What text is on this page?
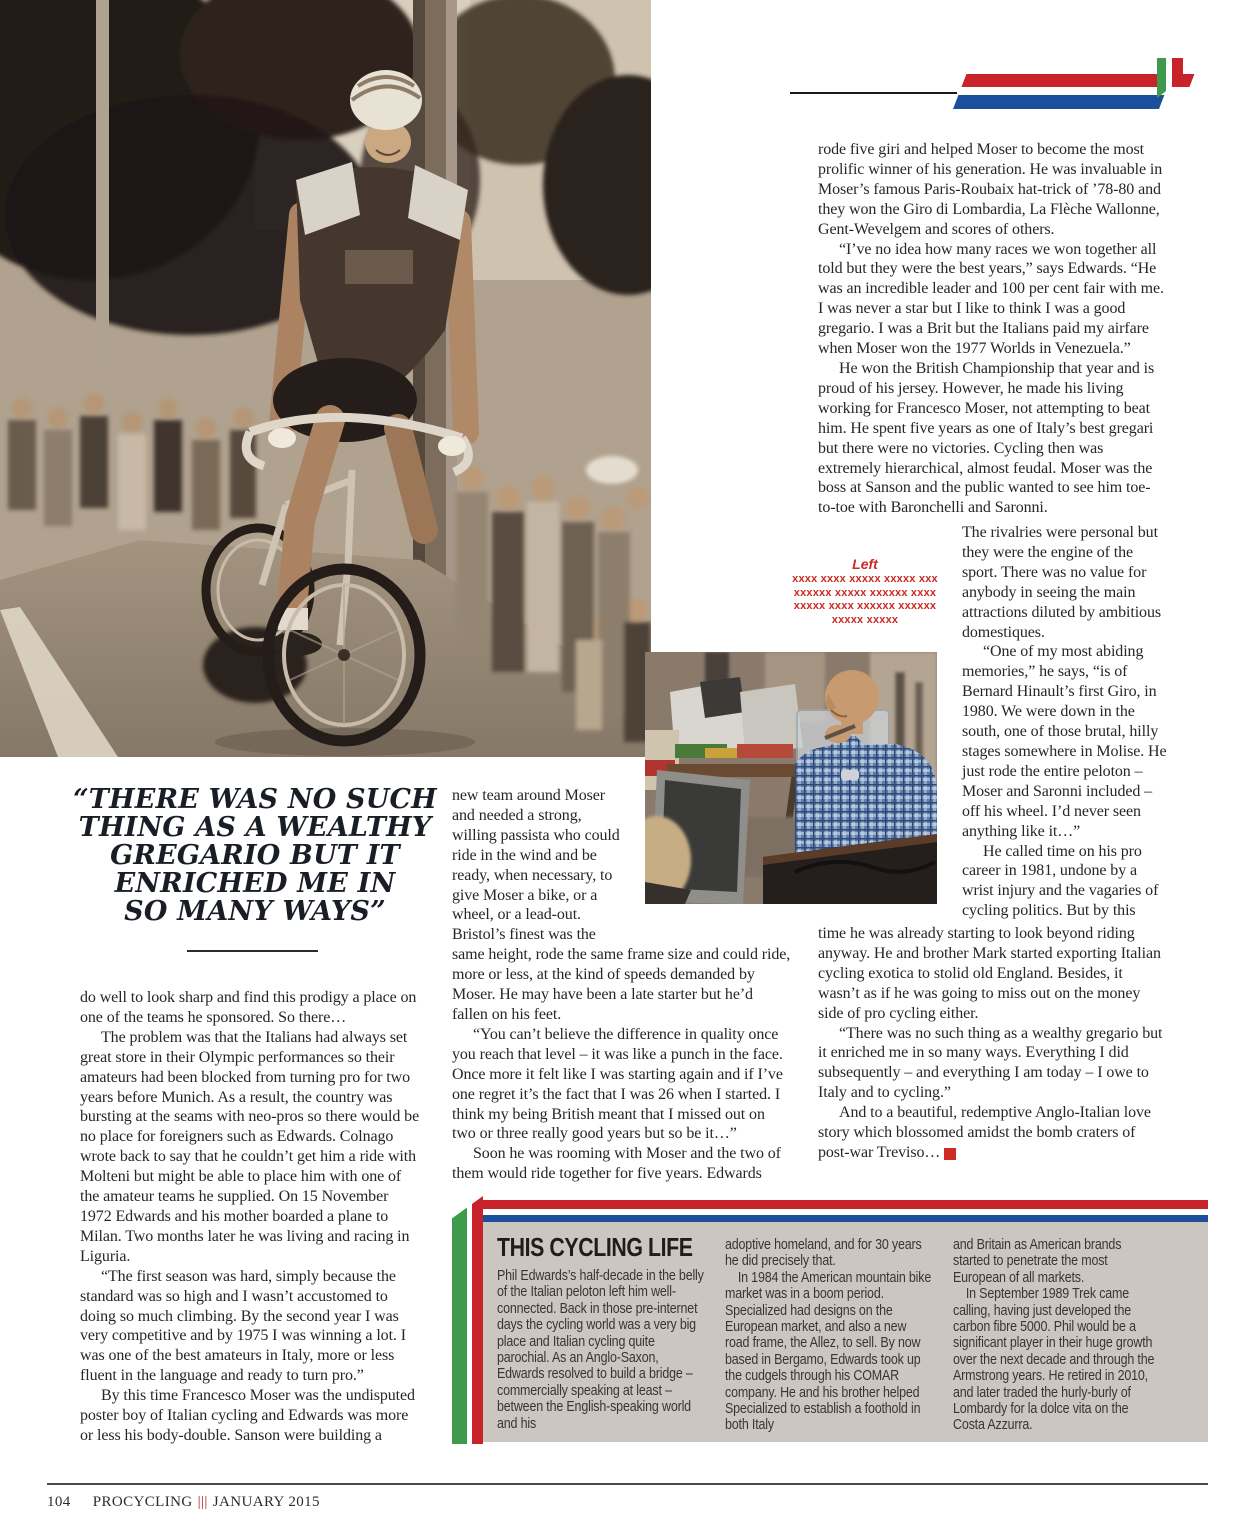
rode five giri and helped Moser to become the most prolific winner of his generation. He was invaluable in Moser’s famous Paris-Roubaix hat-trick of ’78-80 and they won the Giro di Lombardia, La Flèche Wallonne, Gent-Wevelgem and scores of others.

“I’ve no idea how many races we won together all told but they were the best years,” says Edwards. “He was an incredible leader and 100 per cent fair with me. I was never a star but I like to think I was a good gregario. I was a Brit but the Italians paid my airfare when Moser won the 1977 Worlds in Venezuela.”

He won the British Championship that year and is proud of his jersey. However, he made his living working for Francesco Moser, not attempting to beat him. He spent five years as one of Italy’s best gregari but there were no victories. Cycling then was extremely hierarchical, almost feudal. Moser was the boss at Sanson and the public wanted to see him toe-to-toe with Baronchelli and Saronni.

Left
xxxx xxxx xxxxx xxxxx xxx
xxxxxx xxxxx xxxxxx xxxx
xxxxx xxxx xxxxxx xxxxxx
xxxxx xxxxx

The rivalries were personal but they were the engine of the sport. There was no value for anybody in seeing the main attractions diluted by ambitious domestiques.

“One of my most abiding memories,” he says, “is of Bernard Hinault’s first Giro, in 1980. We were down in the south, one of those brutal, hilly stages somewhere in Molise. He just rode the entire peloton – Moser and Saronni included – off his wheel. I’d never seen anything like it…”

He called time on his pro career in 1981, undone by a wrist injury and the vagaries of cycling politics. But by this

time he was already starting to look beyond riding anyway. He and brother Mark started exporting Italian cycling exotica to stolid old England. Besides, it wasn’t as if he was going to miss out on the money side of pro cycling either.

“There was no such thing as a wealthy gregario but it enriched me in so many ways. Everything I did subsequently – and everything I am today – I owe to Italy and to cycling.”

And to a beautiful, redemptive Anglo-Italian love story which blossomed amidst the bomb craters of post-war Treviso…	P

“THERE WAS NO SUCH
THING AS A WEALTHY
GREGARIO BUT IT
ENRICHED ME IN
SO MANY WAYS”

do well to look sharp and find this prodigy a place on one of the teams he sponsored. So there…

The problem was that the Italians had always set great store in their Olympic performances so their amateurs had been blocked from turning pro for two years before Munich. As a result, the country was bursting at the seams with neo-pros so there would be no place for foreigners such as Edwards. Colnago wrote back to say that he couldn’t get him a ride with Molteni but might be able to place him with one of the amateur teams he supplied. On 15 November 1972 Edwards and his mother boarded a plane to Milan. Two months later he was living and racing in Liguria.

“The first season was hard, simply because the standard was so high and I wasn’t accustomed to doing so much climbing. By the second year I was very competitive and by 1975 I was winning a lot. I was one of the best amateurs in Italy, more or less fluent in the language and ready to turn pro.”

By this time Francesco Moser was the undisputed poster boy of Italian cycling and Edwards was more or less his body-double. Sanson were building a

new team around Moser and needed a strong, willing passista who could ride in the wind and be ready, when necessary, to give Moser a bike, or a wheel, or a lead-out. Bristol’s finest was the same height, rode the same frame size and could ride, more or less, at the kind of speeds demanded by Moser. He may have been a late starter but he’d fallen on his feet.

“You can’t believe the difference in quality once you reach that level – it was like a punch in the face. Once more it felt like I was starting again and if I’ve one regret it’s the fact that I was 26 when I started. I think my being British meant that I missed out on two or three really good years but so be it…”

Soon he was rooming with Moser and the two of them would ride together for five years. Edwards

THIS CYCLING LIFE

Phil Edwards’s half-decade in the belly of the Italian peloton left him well-connected. Back in those pre-internet days the cycling world was a very big place and Italian cycling quite parochial. As an Anglo-Saxon, Edwards resolved to build a bridge – commercially speaking at least – between the English-speaking world and his

adoptive homeland, and for 30 years he did precisely that.

In 1984 the American mountain bike market was in a boom period. Specialized had designs on the European market, and also a new road frame, the Allez, to sell. By now based in Bergamo, Edwards took up the cudgels through his COMAR company. He and his brother helped Specialized to establish a foothold in both Italy

and Britain as American brands started to penetrate the most European of all markets.

In September 1989 Trek came calling, having just developed the carbon fibre 5000. Phil would be a significant player in their huge growth over the next decade and through the Armstrong years. He retired in 2010, and later traded the hurly-burly of Lombardy for la dolce vita on the Costa Azzurra.

104 PROCYCLING ||| JANUARY 2015
